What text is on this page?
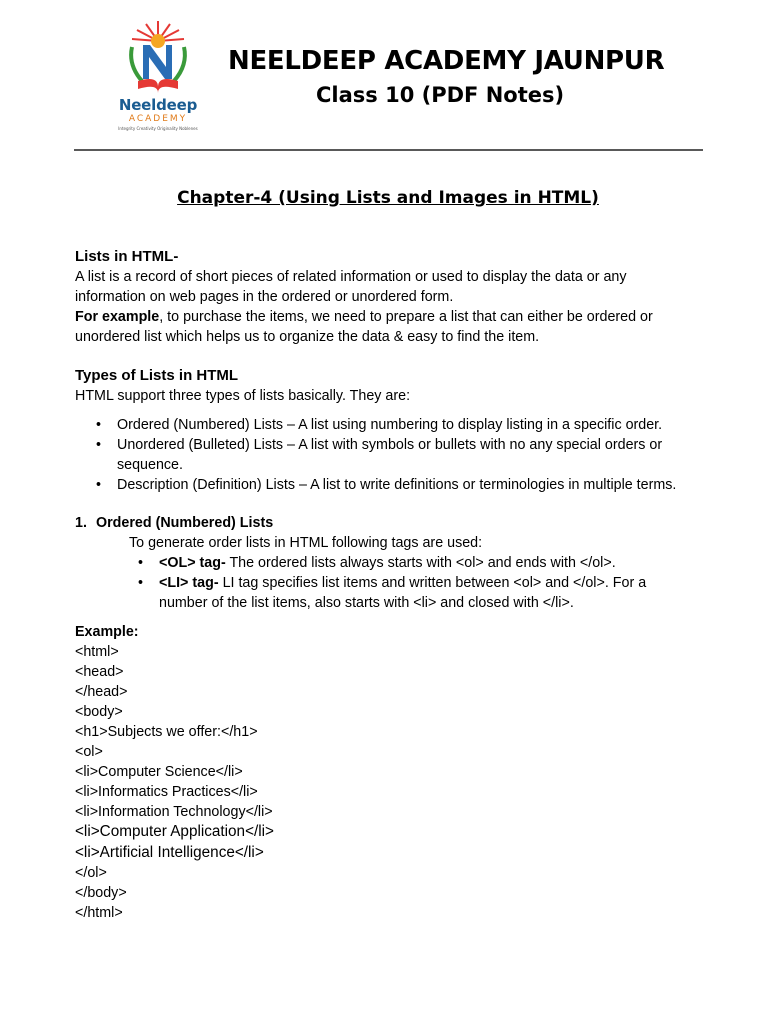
Neeldeep
ACADEMY
Integrity Creativity Originality Noblenes
NEELDEEP ACADEMY JAUNPUR
Class 10 (PDF Notes)
Chapter-4 (Using Lists and Images in HTML)

Lists in HTML-

A list is a record of short pieces of related information or used to display the data or any information on web pages in the ordered or unordered form.

For example, to purchase the items, we need to prepare a list that can either be ordered or unordered list which helps us to organize the data & easy to find the item.

Types of Lists in HTML

HTML support three types of lists basically. They are:

• Ordered (Numbered) Lists – A list using numbering to display listing in a specific order.
• Unordered (Bulleted) Lists – A list with symbols or bullets with no any special orders or sequence.
• Description (Definition) Lists – A list to write definitions or terminologies in multiple terms.
1. Ordered (Numbered) Lists

To generate order lists in HTML following tags are used:

• <OL> tag- The ordered lists always starts with <ol> and ends with </ol>.
• <LI> tag- LI tag specifies list items and written between <ol> and </ol>. For a number of the list items, also starts with <li> and closed with </li>.

Example:

<html>

<head>

</head>

<body>

<h1>Subjects we offer:</h1>

<ol>

<li>Computer Science</li>

<li>Informatics Practices</li>

<li>Information Technology</li>

<li>Computer Application</li>

<li>Artificial Intelligence</li>

</ol>

</body>

</html>
